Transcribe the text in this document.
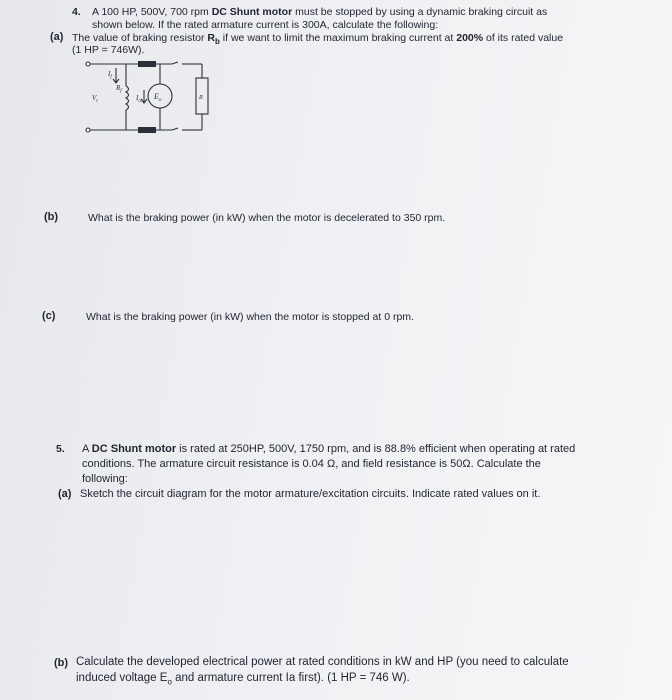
4. A 100 HP, 500V, 700 rpm DC Shunt motor must be stopped by using a dynamic braking circuit as
shown below. If the rated armature current is 300A, calculate the following:
(a) The value of braking resistor $R_b$ if we want to limit the maximum braking current at 200% of its rated value
(1 HP = 746W).
$I_f$
$V_t$
$R_f$
$I_a$
$E_o$	R
(b)	What is the braking power (in kW) when the motor is decelerated to 350 rpm.
(c)	What is the braking power (in kW) when the motor is stopped at 0 rpm.
5. A DC Shunt motor is rated at 250HP, 500V, 1750 rpm, and is 88.8% efficient when operating at rated
conditions. The armature circuit resistance is 0.04 Ω, and field resistance is 50Ω. Calculate the
following:
(a) Sketch the circuit diagram for the motor armature/excitation circuits. Indicate rated values on it.
(b) Calculate the developed electrical power at rated conditions in kW and HP (you need to calculate
induced voltage $E_o$ and armature current Ia first). (1 HP = 746 W).
